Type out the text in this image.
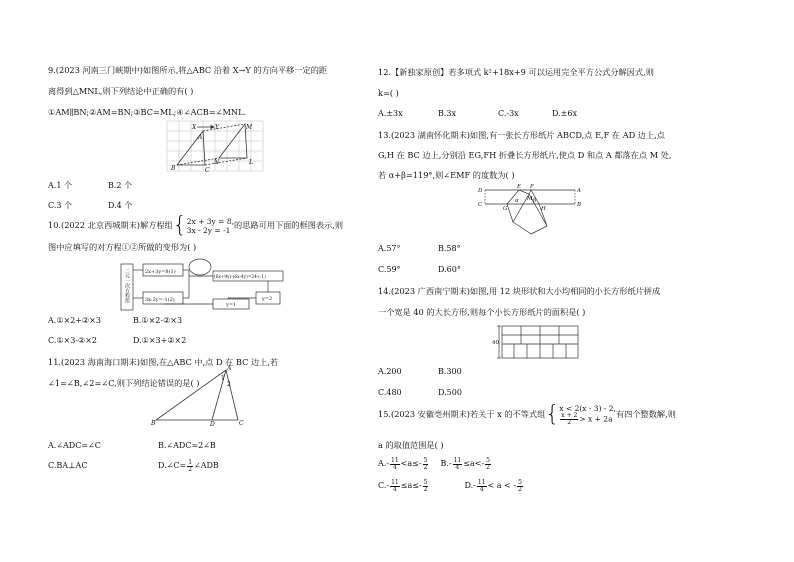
9.(2023 河南三门峡期中)如图所示,将△ABC 沿着 X→Y 的方向平移一定的距
离得到△MNL,则下列结论中正确的有( )
①AM∥BN;②AM=BN;③BC=ML;④∠ACB=∠MNL.
X
A
M
Y
B	C
N	L
A.1 个	B.2 个
C.3 个	D.4 个
10.(2022 北京西城期末)解方程组{ 2x + 3y = 8,
3x - 2y = -1
的思路可用下面的框图表示,则
图中应填写的对方程①②所做的变形为( )
二元一次方程组	2x+3y=8(1)
3x-2y=-1(2)
(6x+9y)-(6x-4y)=24-(-1)
y=1
y=2
A.①×2+②×3	B.①×2-②×3
C.①×3-②×2	D.①×3+②×2
11.(2023 海南海口期末)如图,在△ABC 中,点 D 在 BC 边上,若
∠1=∠B,∠2=∠C,则下列结论错误的是( )
A
1
2
B	D	C
A.∠ADC=∠C	B.∠ADC=2∠B
C.BA⊥AC	D.∠C= $\frac{1}{2}$ ∠ADB
12.【新独家原创】若多项式 k²+18x+9 可以运用完全平方公式分解因式,则
k=( )
A.±3x	B.3x	C.-3x	D.±6x
13.(2023 湖南怀化期末)如图,有一张长方形纸片 ABCD,点 E,F 在 AD 边上,点
G,H 在 BC 边上,分别沿 EG,FH 折叠长方形纸片,使点 D 和点 A 都落在点 M 处,
若 α+β=119°,则∠EMF 的度数为( )
D
E
M
F
A
C
G	H
B
α	β
A.57°	B.58°
C.59°	D.60°
14.(2023 广西南宁期末)如图,用 12 块形状和大小均相同的小长方形纸片拼成
一个宽是 40 的大长方形,则每个小长方形纸片的面积是( )
40
A.200	B.300
C.480	D.500
15.(2023 安徽亳州期末)若关于 x 的不等式组{ x < 2(x - 3) - 2,
$\frac{x + 2}{2} > x + 2a$ 有四个整数解,则
a 的取值范围是( )
$A.- \frac{11}{4} <a\le- \frac{5}{2} B.- \frac{11}{4} \le a<- \frac{5}{2}$
$C.- \frac{11}{4} \le a\le- \frac{5}{2}$	$D.- \frac{11}{4} < a$ < - $\frac{5}{2}$
